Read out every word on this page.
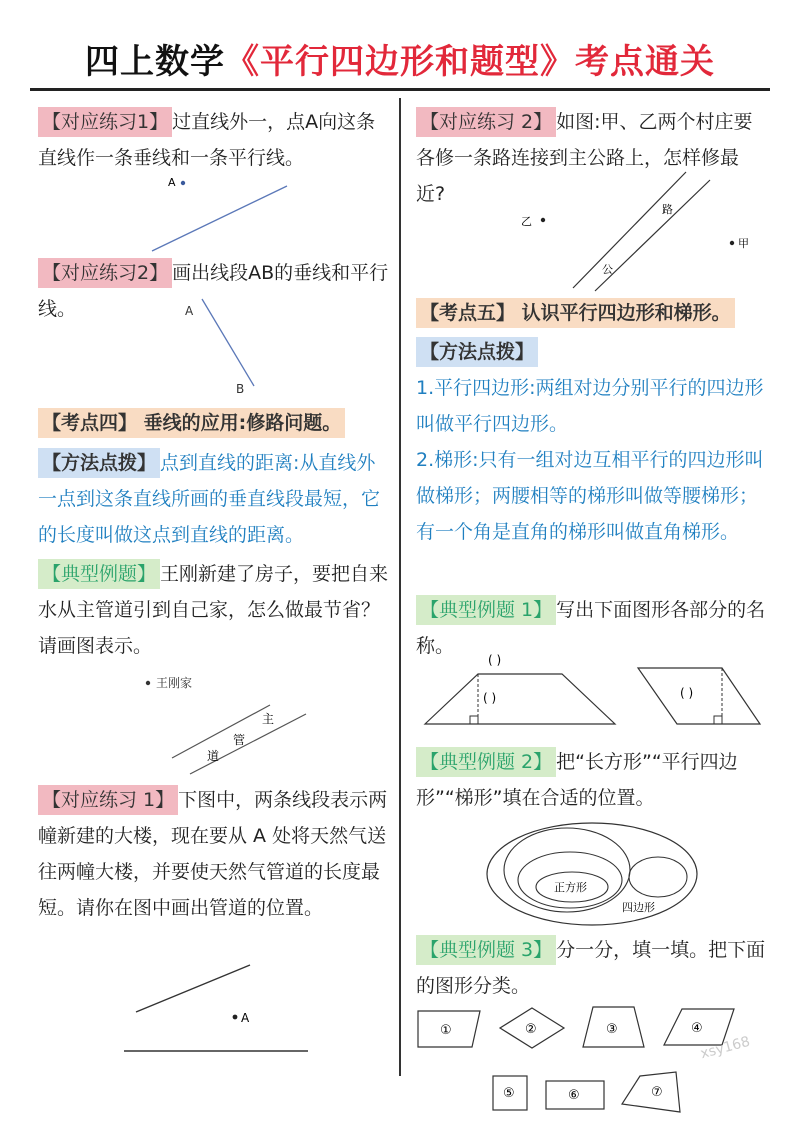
四上数学《平行四边形和题型》考点通关
【对应练习1】 过直线外一，点A向这条直线作一条垂线和一条平行线。
A
【对应练习2】 画出线段AB的垂线和平行线。	A
B
【考点四】 垂线的应用:修路问题。
【方法点拨】 点到直线的距离:从直线外一点到这条直线所画的垂直线段最短，它的长度叫做这点到直线的距离。
【典型例题】 王刚新建了房子，要把自来水从主管道引到自己家，怎么做最节省？请画图表示。
王刚家
主
管
道
【对应练习 1】 下图中，两条线段表示两幢新建的大楼，现在要从 A 处将天然气送往两幢大楼，并要使天然气管道的长度最短。请你在图中画出管道的位置。
A
【对应练习 2】 如图:甲、乙两个村庄要各修一条路连接到主公路上，怎样修最近?
乙
路
公
甲
【考点五】 认识平行四边形和梯形。
【方法点拨】
1.平行四边形:两组对边分别平行的四边形叫做平行四边形。
2.梯形:只有一组对边互相平行的四边形叫做梯形；两腰相等的梯形叫做等腰梯形；有一个角是直角的梯形叫做直角梯形。
【典型例题 1】 写出下面图形各部分的名称。
( )
( )	( )
【典型例题 2】 把“长方形”“平行四边形”“梯形”填在合适的位置。
正方形
四边形
【典型例题 3】 分一分，填一填。把下面的图形分类。
①	②	③	④
⑤	⑥	⑦
xsy168
